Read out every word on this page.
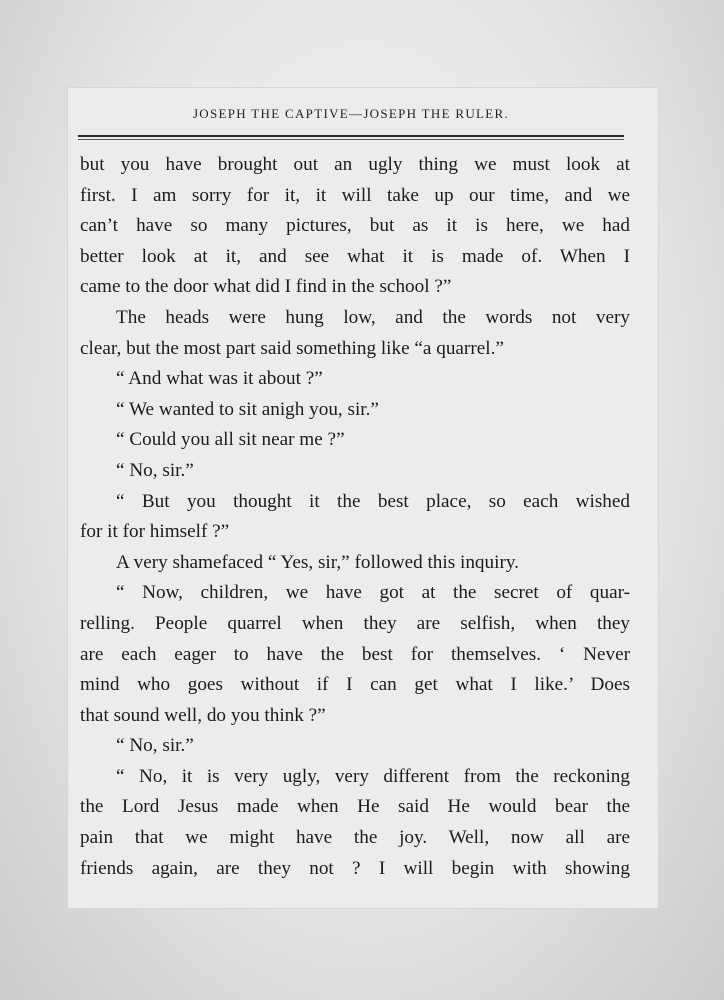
JOSEPH THE CAPTIVE—JOSEPH THE RULER.
but you have brought out an ugly thing we must look at
first. I am sorry for it, it will take up our time, and we
can’t have so many pictures, but as it is here, we had
better look at it, and see what it is made of. When I
came to the door what did I find in the school ?”
The heads were hung low, and the words not very
clear, but the most part said something like “a quarrel.”
“ And what was it about ?”
“ We wanted to sit anigh you, sir.”
“ Could you all sit near me ?”
“ No, sir.”
“ But you thought it the best place, so each wished
for it for himself ?”
A very shamefaced “ Yes, sir,” followed this inquiry.
“ Now, children, we have got at the secret of quar-
relling. People quarrel when they are selfish, when they
are each eager to have the best for themselves. ‘ Never
mind who goes without if I can get what I like.’ Does
that sound well, do you think ?”
“ No, sir.”
“ No, it is very ugly, very different from the reckoning
the Lord Jesus made when He said He would bear the
pain that we might have the joy. Well, now all are
friends again, are they not ? I will begin with showing
